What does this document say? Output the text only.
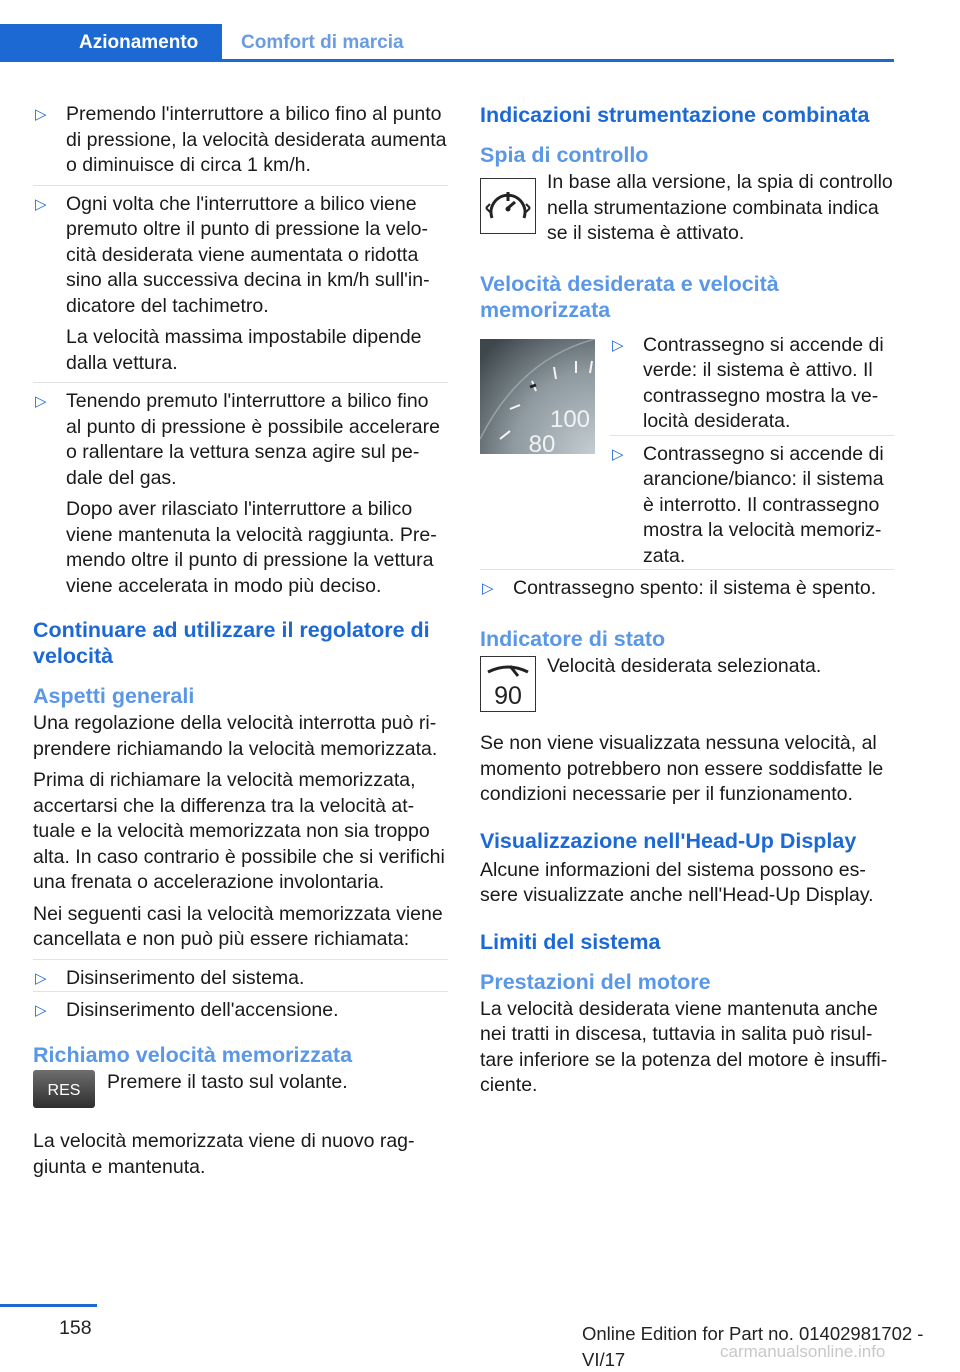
Azionamento	Comfort di marcia
▷ Premendo l'interruttore a bilico fino al punto di pressione, la velocità desiderata aumenta o diminuisce di circa 1 km/h.

▷ Ogni volta che l'interruttore a bilico viene premuto oltre il punto di pressione la velocità desiderata viene aumentata o ridotta sino alla successiva decina in km/h sull'indicatore del tachimetro.

La velocità massima impostabile dipende dalla vettura.

▷ Tenendo premuto l'interruttore a bilico fino al punto di pressione è possibile accelerare o rallentare la vettura senza agire sul pedale del gas.

Dopo aver rilasciato l'interruttore a bilico viene mantenuta la velocità raggiunta. Premendo oltre il punto di pressione la vettura viene accelerata in modo più deciso.

Continuare ad utilizzare il regolatore di velocità
Aspetti generali

Una regolazione della velocità interrotta può riprendere richiamando la velocità memorizzata.

Prima di richiamare la velocità memorizzata, accertarsi che la differenza tra la velocità attuale e la velocità memorizzata non sia troppo alta. In caso contrario è possibile che si verifichi una frenata o accelerazione involontaria.

Nei seguenti casi la velocità memorizzata viene cancellata e non può più essere richiamata:

▷ Disinserimento del sistema.
▷ Disinserimento dell'accensione.
Richiamo velocità memorizzata
RES Premere il tasto sul volante.

La velocità memorizzata viene di nuovo raggiunta e mantenuta.

Indicazioni strumentazione combinata
Spia di controllo
In base alla versione, la spia di controllo nella strumentazione combinata indica se il sistema è attivato.
Velocità desiderata e velocità memorizzata
100
80
▷ Contrassegno si accende di verde: il sistema è attivo. Il contrassegno mostra la velocità desiderata.
▷ Contrassegno si accende di arancione/bianco: il sistema è interrotto. Il contrassegno mostra la velocità memorizzata.
▷ Contrassegno spento: il sistema è spento.
Indicatore di stato
90
Velocità desiderata selezionata.

Se non viene visualizzata nessuna velocità, al momento potrebbero non essere soddisfatte le condizioni necessarie per il funzionamento.

Visualizzazione nell'Head-Up Display

Alcune informazioni del sistema possono essere visualizzate anche nell'Head-Up Display.

Limiti del sistema
Prestazioni del motore

La velocità desiderata viene mantenuta anche nei tratti in discesa, tuttavia in salita può risultare inferiore se la potenza del motore è insufficiente.

158	Online Edition for Part no. 01402981702 - VI/17	carmanualsonline.info
